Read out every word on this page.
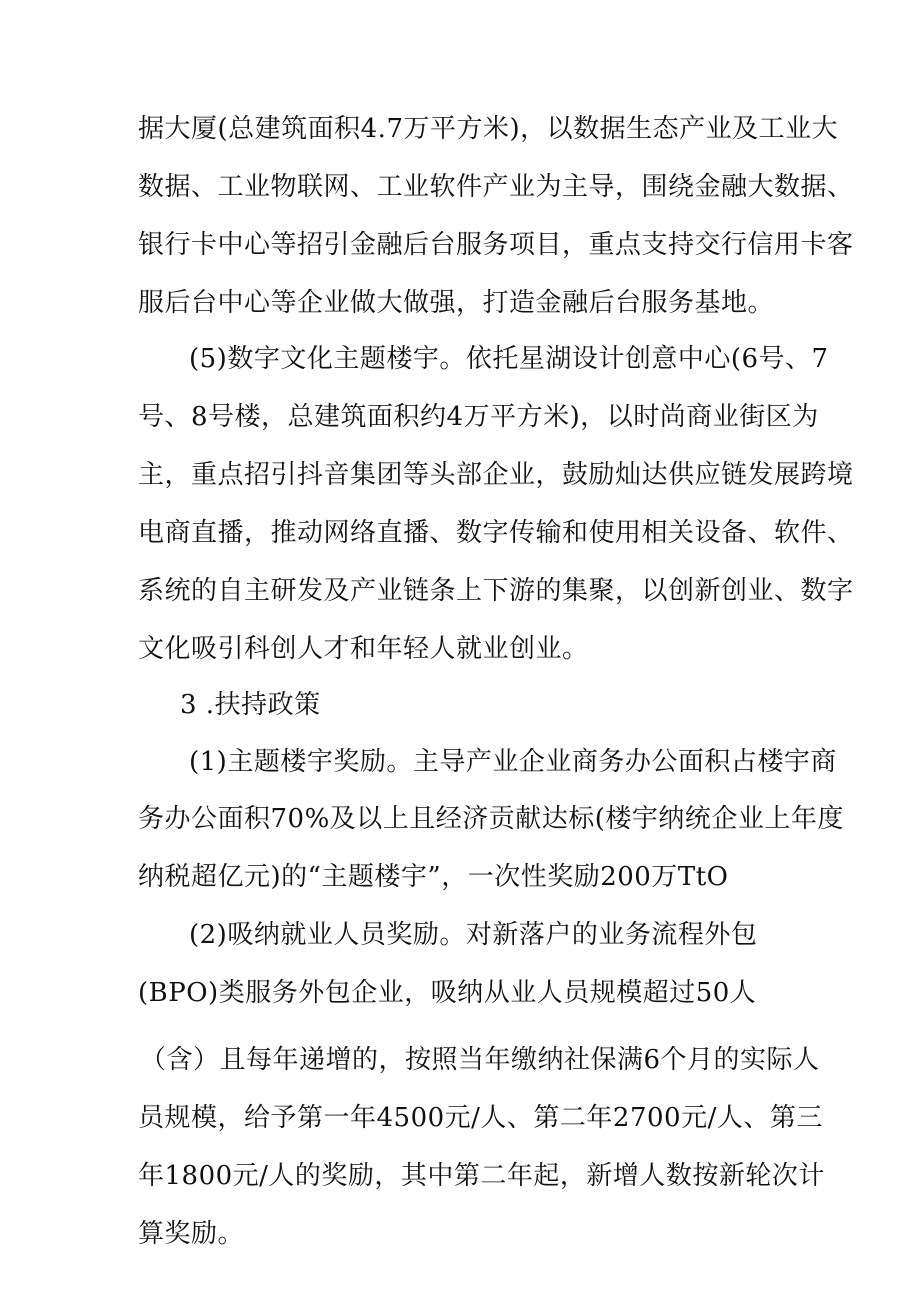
据大厦(总建筑面积4.7万平方米)，以数据生态产业及工业大
数据、工业物联网、工业软件产业为主导，围绕金融大数据、
银行卡中心等招引金融后台服务项目，重点支持交行信用卡客
服后台中心等企业做大做强，打造金融后台服务基地。
(5)数字文化主题楼宇。依托星湖设计创意中心(6号、7
号、8号楼，总建筑面积约4万平方米)，以时尚商业街区为
主，重点招引抖音集团等头部企业，鼓励灿达供应链发展跨境
电商直播，推动网络直播、数字传输和使用相关设备、软件、
系统的自主研发及产业链条上下游的集聚，以创新创业、数字
文化吸引科创人才和年轻人就业创业。
3 .扶持政策
(1)主题楼宇奖励。主导产业企业商务办公面积占楼宇商
务办公面积70%及以上且经济贡献达标(楼宇纳统企业上年度
纳税超亿元)的“主题楼宇”，一次性奖励200万TtO
(2)吸纳就业人员奖励。对新落户的业务流程外包
(BPO)类服务外包企业，吸纳从业人员规模超过50人
（含）且每年递增的，按照当年缴纳社保满6个月的实际人
员规模，给予第一年4500元/人、第二年2700元/人、第三
年1800元/人的奖励，其中第二年起，新增人数按新轮次计
算奖励。
